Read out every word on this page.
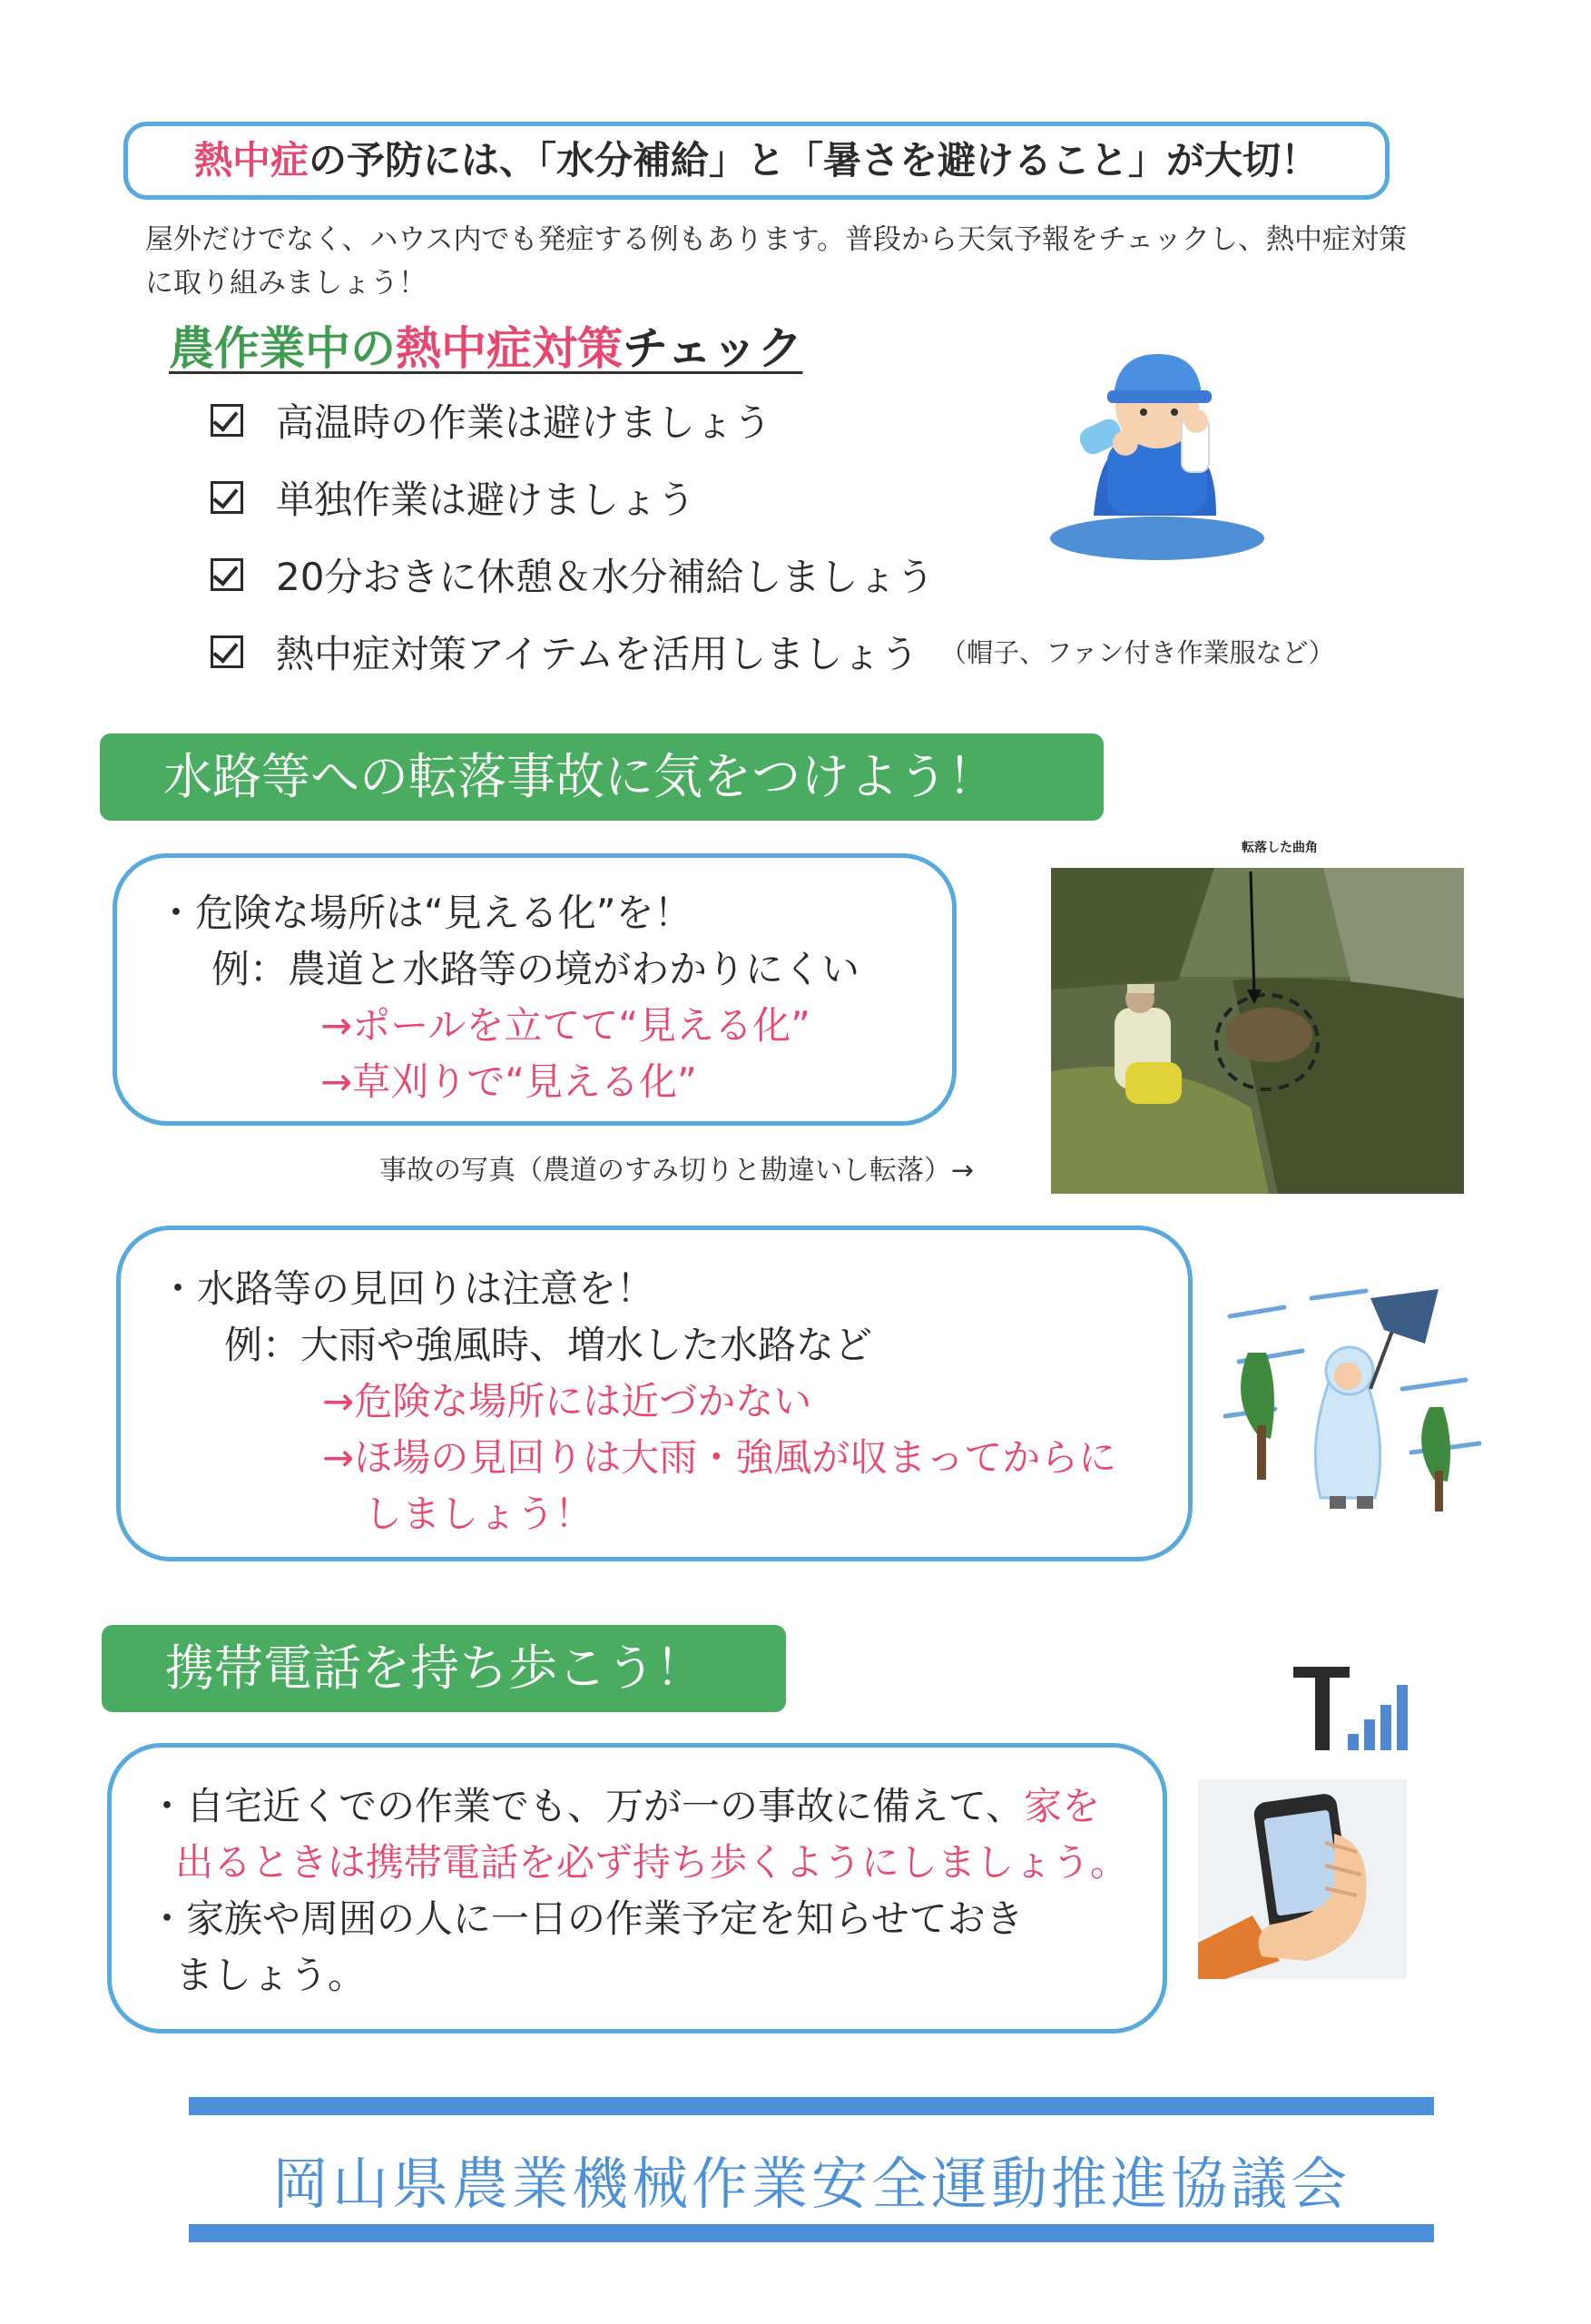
熱中症の予防には、「水分補給」と「暑さを避けること」が大切！
屋外だけでなく、ハウス内でも発症する例もあります。普段から天気予報をチェックし、熱中症対策に取り組みましょう！
農作業中の熱中症対策チェック
高温時の作業は避けましょう
単独作業は避けましょう
20分おきに休憩＆水分補給しましょう
熱中症対策アイテムを活用しましょう （帽子、ファン付き作業服など）
水路等への転落事故に気をつけよう！

・危険な場所は“見える化”を！

例：農道と水路等の境がわかりにくい

→ポールを立てて“見える化”

→草刈りで“見える化”

転落した曲角
事故の写真（農道のすみ切りと勘違いし転落）→

・水路等の見回りは注意を！

例：大雨や強風時、増水した水路など

→危険な場所には近づかない

→ほ場の見回りは大雨・強風が収まってからに

しましょう！

携帯電話を持ち歩こう！

・自宅近くでの作業でも、万が一の事故に備えて、家を

出るときは携帯電話を必ず持ち歩くようにしましょう。

・家族や周囲の人に一日の作業予定を知らせておき

ましょう。

岡山県農業機械作業安全運動推進協議会
